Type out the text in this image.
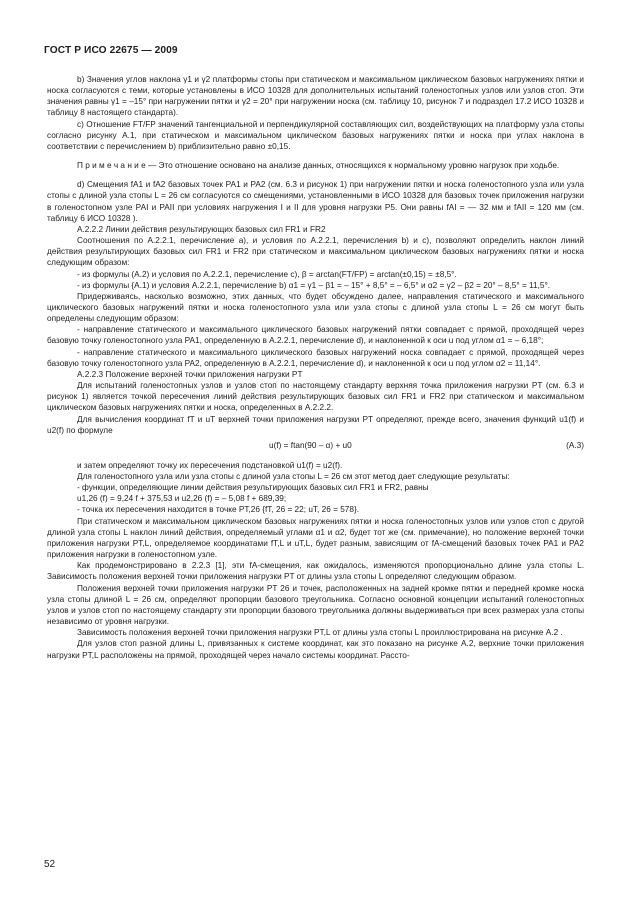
ГОСТ Р ИСО 22675 — 2009

b) Значения углов наклона γ1 и γ2 платформы стопы при статическом и максимальном циклическом базовых нагружениях пятки и носка согласуются с теми, которые установлены в ИСО 10328 для дополнительных испытаний голеностопных узлов или узлов стоп. Эти значения равны γ1 = –15° при нагружении пятки и γ2 = 20° при нагружении носка (см. таблицу 10, рисунок 7 и подраздел 17.2 ИСО 10328 и таблицу 8 настоящего стандарта).

c) Отношение FT/FP значений тангенциальной и перпендикулярной составляющих сил, воздействующих на платформу узла стопы согласно рисунку А.1, при статическом и максимальном циклическом базовых нагружениях пятки и носка при углах наклона в соответствии с перечислением b) приблизительно равно ±0,15.

П р и м е ч а н и е — Это отношение основано на анализе данных, относящихся к нормальному уровню нагрузок при ходьбе.

d) Смещения fA1 и fA2 базовых точек PA1 и PA2 (см. 6.3 и рисунок 1) при нагружении пятки и носка голеностопного узла или узла стопы с длиной узла стопы L = 26 см согласуются со смещениями, установленными в ИСО 10328 для базовых точек приложения нагрузки в голеностопном узле PAI и PAII при условиях нагружения I и II для уровня нагрузки P5. Они равны fAI = — 32 мм и fAII = 120 мм (см. таблицу 6 ИСО 10328 ).

A.2.2.2 Линии действия результирующих базовых сил FR1 и FR2

Соотношения по A.2.2.1, перечисление а), и условия по A.2.2.1, перечисления b) и c), позволяют определить наклон линий действия результирующих базовых сил FR1 и FR2 при статическом и максимальном циклическом базовых нагружениях пятки и носка следующим образом:

- из формулы (А.2) и условия по A.2.2.1, перечисление с), β = arctan(FT/FP) = arctan(±0,15) = ±8,5°.

- из формулы {А.1) и условия A.2.2.1, перечисление b) α1 = γ1 – β1 = – 15° + 8,5° = – 6,5° и α2 = γ2 – β2 = 20° – 8,5° = 11,5°.

Придерживаясь, насколько возможно, этих данных, что будет обсуждено далее, направления статического и максимального циклического базовых нагружений пятки и носка голеностопного узла или узла стопы с длиной узла стопы L = 26 см могут быть определены следующим образом:

- направление статического и максимального циклического базовых нагружений пятки совпадает с прямой, проходящей через базовую точку голеностопного узла PA1, определенную в A.2.2.1, перечисление d), и наклоненной к оси u под углом α1 = – 6,18°;

- направление статического и максимального циклического базовых нагружений носка совпадает с прямой, проходящей через базовую точку голеностопного узла PA2, определенную в A.2.2.1, перечисление d), и наклоненной к оси u под углом α2 = 11,14°.

A.2.2.3 Положение верхней точки приложения нагрузки PT

Для испытаний голеностопных узлов и узлов стоп по настоящему стандарту верхняя точка приложения нагрузки PT (см. 6.3 и рисунок 1) является точкой пересечения линий действия результирующих базовых сил FR1 и FR2 при статическом и максимальном циклическом базовых нагружениях пятки и носка, определенных в A.2.2.2.

Для вычисления координат fT и uT верхней точки приложения нагрузки PT определяют, прежде всего, значения функций u1(f) и u2(f) по формуле

u(f) = ftan(90 – α) + u0	(А.3)

и затем определяют точку их пересечения подстановкой u1(f) = u2(f).

Для голеностопного узла или узла стопы с длиной узла стопы L = 26 см этот метод дает следующие результаты:

- функции, определяющие линии действия результирующих базовых сил FR1 и FR2, равны

u1,26 (f) = 9,24 f + 375,53 и u2,26 (f) = – 5,08 f + 689,39;

- точка их пересечения находится в точке PT,26 {fT, 26 = 22; uT, 26 = 578}.

При статическом и максимальном циклическом базовых нагружениях пятки и носка голеностопных узлов или узлов стоп с другой длиной узла стопы L наклон линий действия, определяемый углами α1 и α2, будет тот же (см. примечание), но положение верхней точки приложения нагрузки PT,L, определяемое координатами fT,L и uT,L, будет разным, зависящим от fA-смещений базовых точек PA1 и PA2 приложения нагрузки в голеностопном узле.

Как продемонстрировано в 2.2.3 [1], эти fA-смещения, как ожидалось, изменяются пропорционально длине узла стопы L. Зависимость положения верхней точки приложения нагрузки PT от длины узла стопы L определяют следующим образом.

Положения верхней точки приложения нагрузки PT 26 и точек, расположенных на задней кромке пятки и передней кромке носка узла стопы длиной L = 26 см, определяют пропорции базового треугольника. Согласно основной концепции испытаний голеностопных узлов и узлов стоп по настоящему стандарту эти пропорции базового треугольника должны выдерживаться при всех размерах узла стопы независимо от уровня нагрузки.

Зависимость положения верхней точки приложения нагрузки PT,L от длины узла стопы L проиллюстрирована на рисунке А.2 .

Для узлов стоп разной длины L, привязанных к системе координат, как это показано на рисунке А.2, верхние точки приложения нагрузки PT,L расположены на прямой, проходящей через начало системы координат. Рассто-

52
